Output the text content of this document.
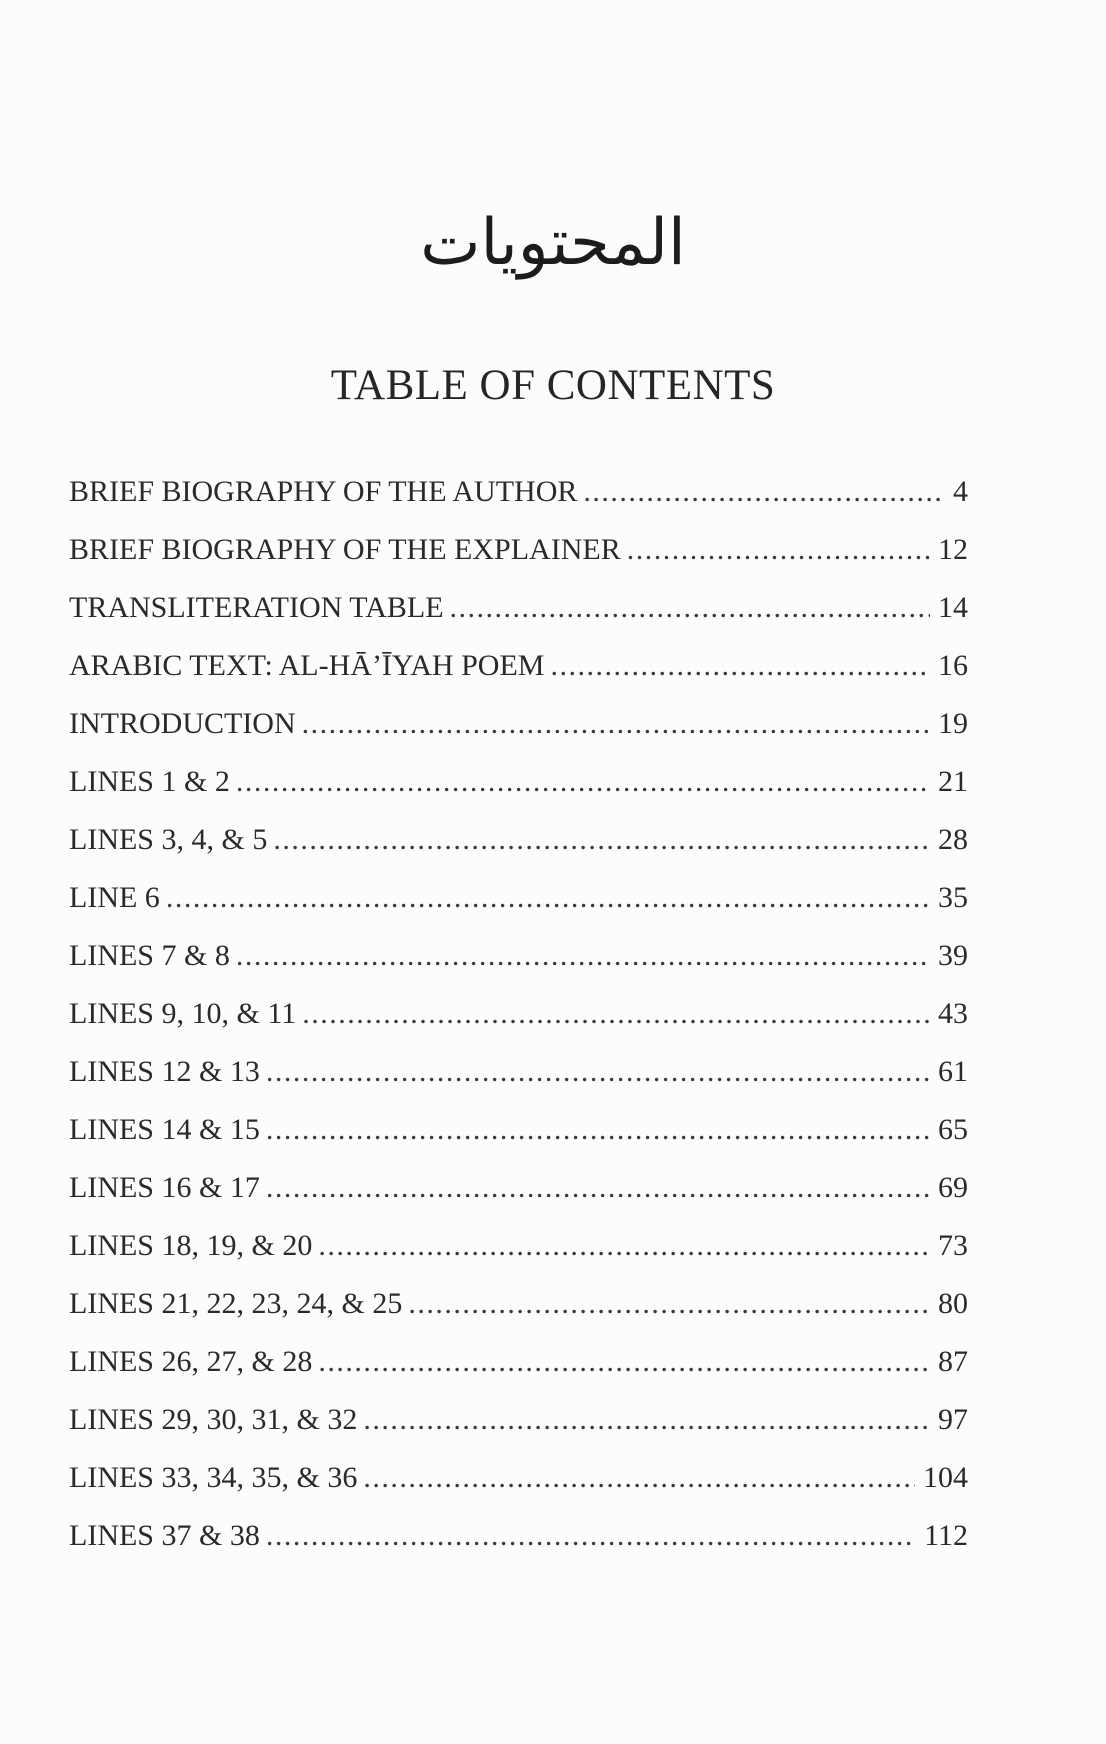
المحتويات
TABLE OF CONTENTS
BRIEF BIOGRAPHY OF THE AUTHOR .....	4
BRIEF BIOGRAPHY OF THE EXPLAINER .....	12
TRANSLITERATION TABLE .....	14
ARABIC TEXT: AL-HĀ’ĪYAH POEM .....	16
INTRODUCTION .....	19
LINES 1 & 2 .....	21
LINES 3, 4, & 5 .....	28
LINE 6 .....	35
LINES 7 & 8 .....	39
LINES 9, 10, & 11 .....	43
LINES 12 & 13 .....	61
LINES 14 & 15 .....	65
LINES 16 & 17 .....	69
LINES 18, 19, & 20 .....	73
LINES 21, 22, 23, 24, & 25 .....	80
LINES 26, 27, & 28 .....	87
LINES 29, 30, 31, & 32 .....	97
LINES 33, 34, 35, & 36 .....	104
LINES 37 & 38 .....	112
